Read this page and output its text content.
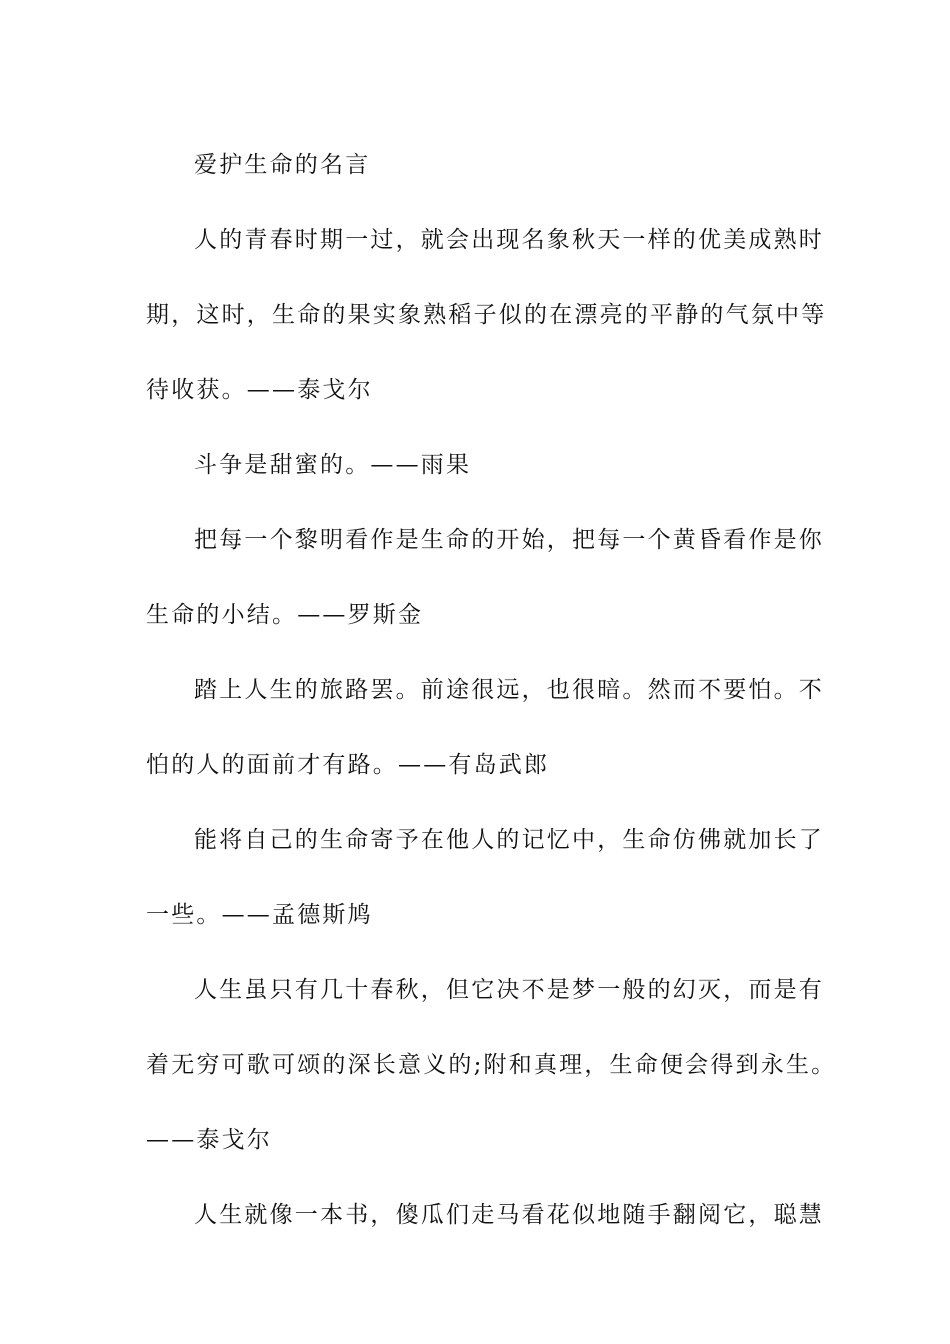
爱护生命的名言
人的青春时期一过，就会出现名象秋天一样的优美成熟时
期，这时，生命的果实象熟稻子似的在漂亮的平静的气氛中等
待收获。——泰戈尔
斗争是甜蜜的。——雨果
把每一个黎明看作是生命的开始，把每一个黄昏看作是你
生命的小结。——罗斯金
踏上人生的旅路罢。前途很远，也很暗。然而不要怕。不
怕的人的面前才有路。——有岛武郎
能将自己的生命寄予在他人的记忆中，生命仿佛就加长了
一些。——孟德斯鸠
人生虽只有几十春秋，但它决不是梦一般的幻灭，而是有
着无穷可歌可颂的深长意义的;附和真理，生命便会得到永生。
——泰戈尔
人生就像一本书，傻瓜们走马看花似地随手翻阅它，聪慧
